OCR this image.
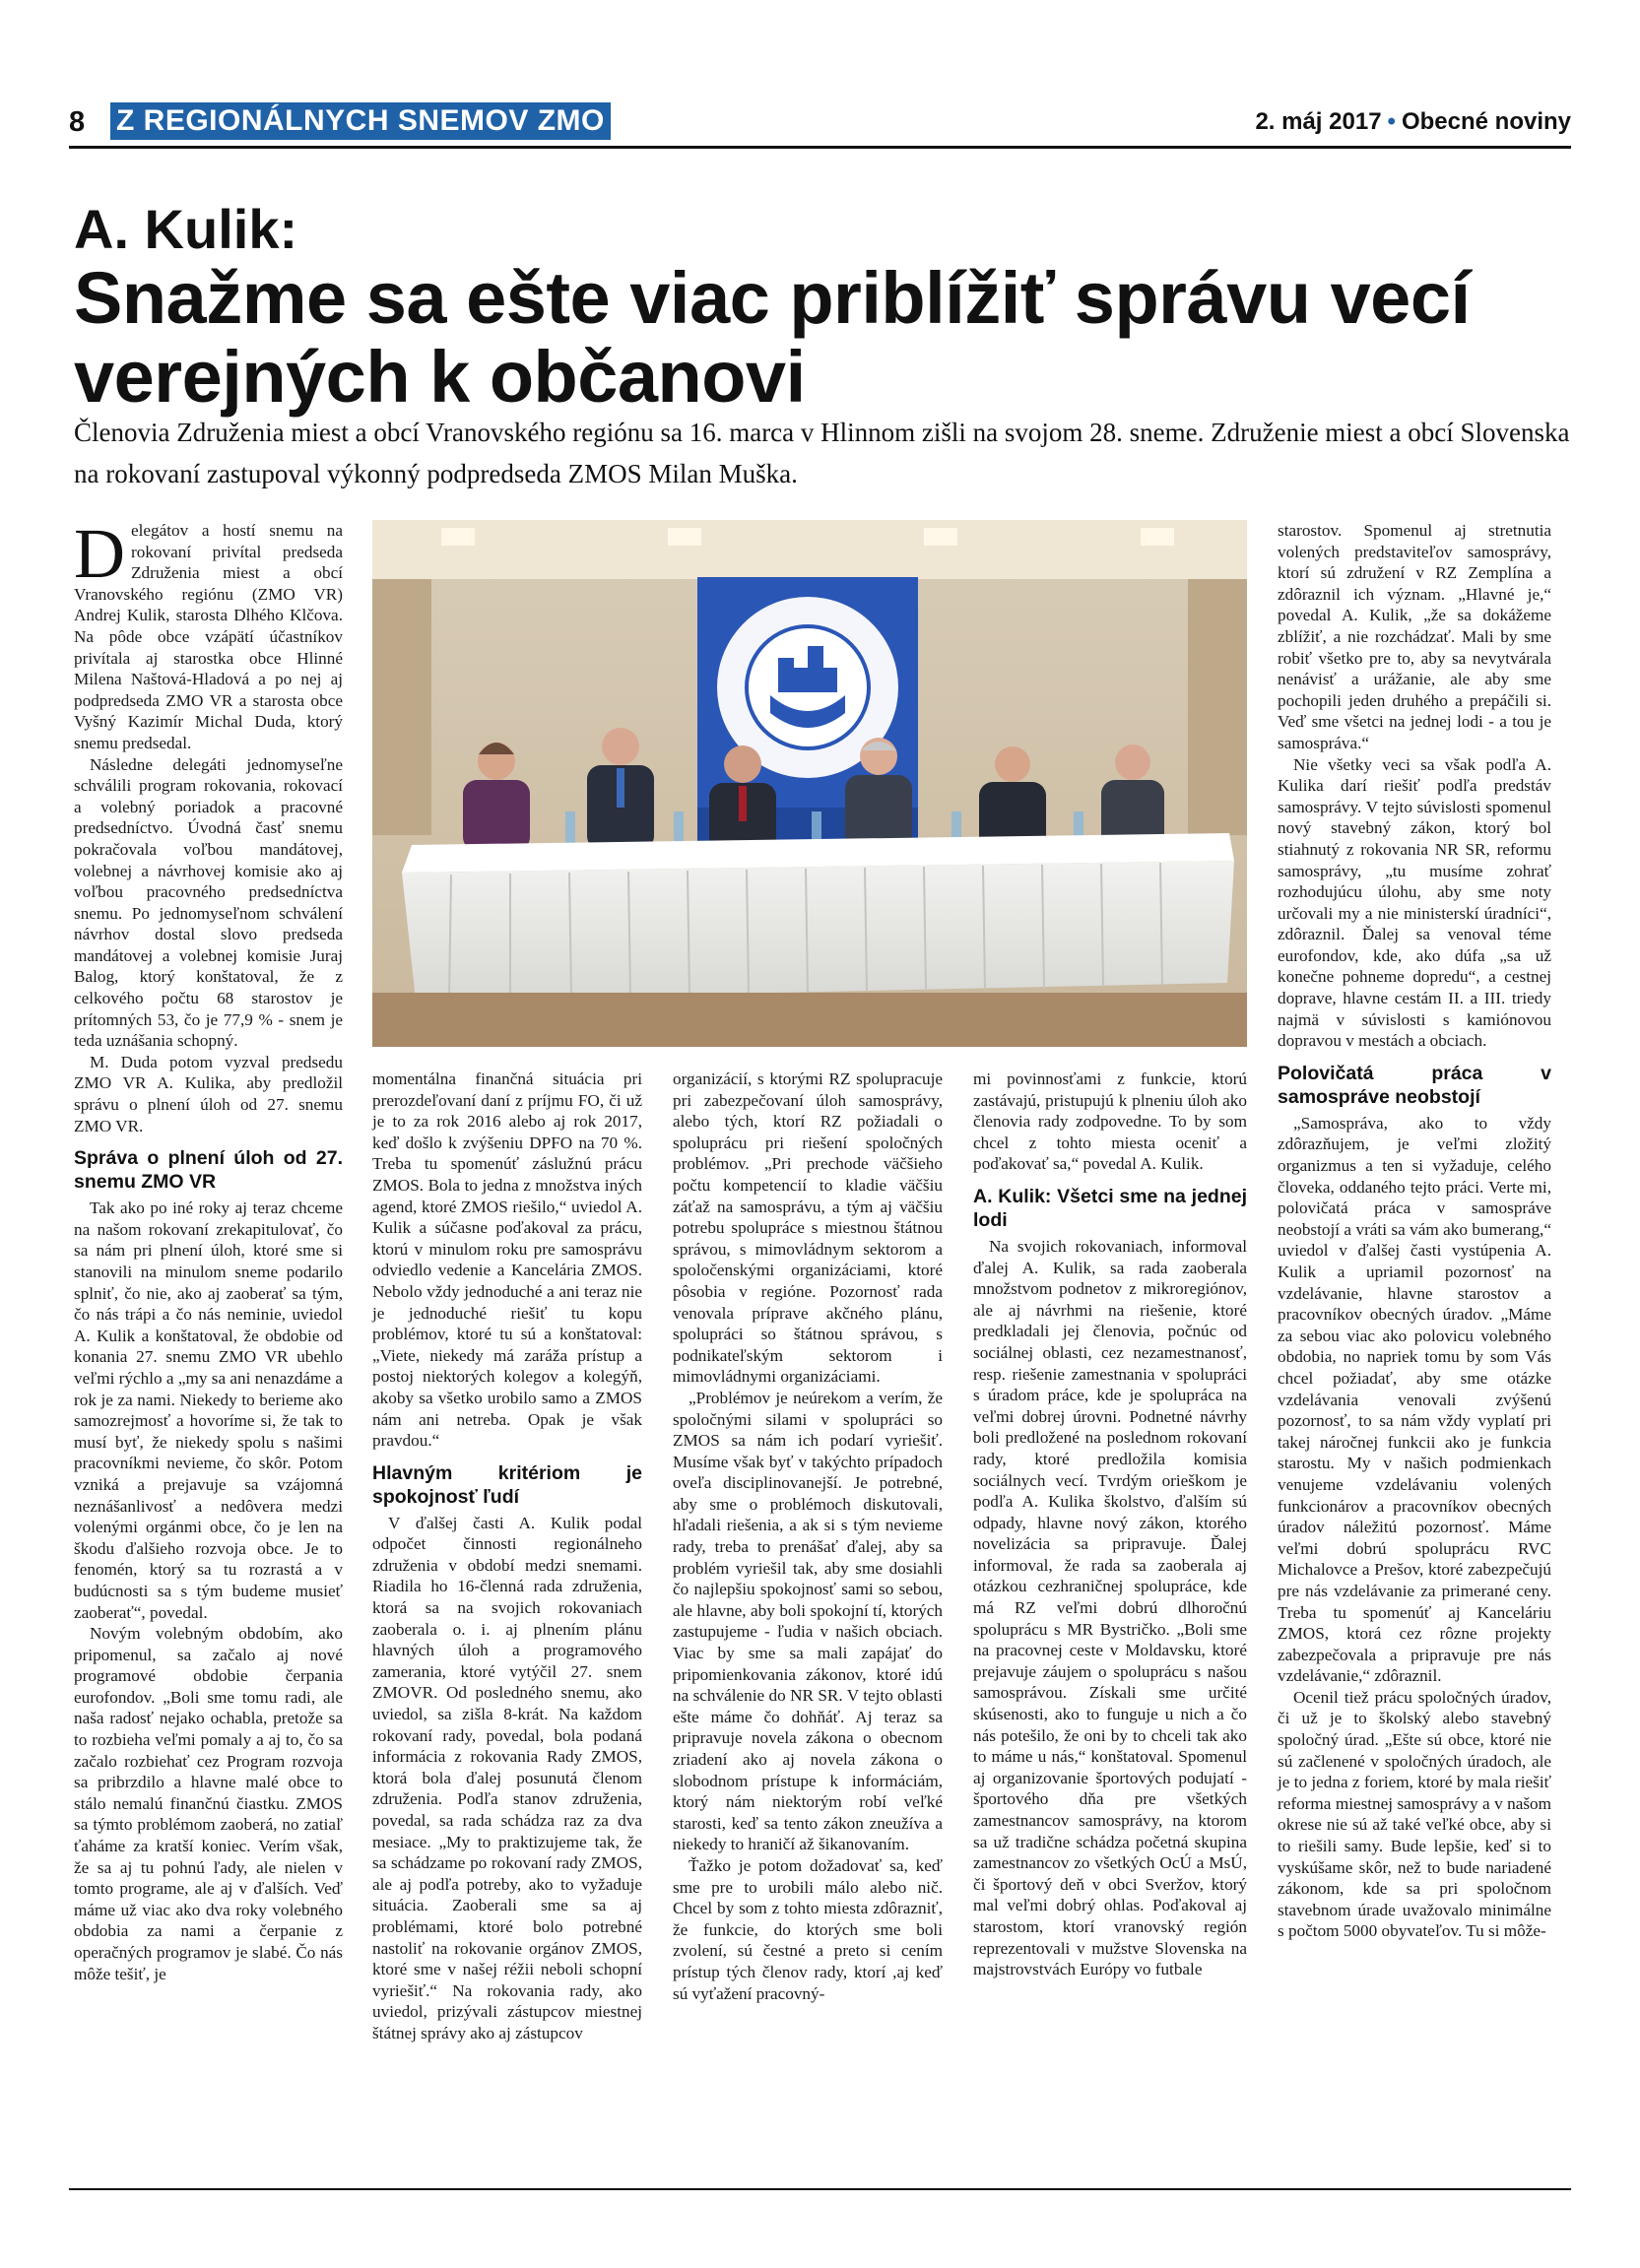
8 Z REGIONÁLNYCH SNEMOV ZMO	2. máj 2017 • Obecné noviny
A. Kulik:
Snažme sa ešte viac priblížiť správu vecí verejných k občanovi
Členovia Združenia miest a obcí Vranovského regiónu sa 16. marca v Hlinnom zišli na svojom 28. sneme. Združenie miest a obcí Slovenska na rokovaní zastupoval výkonný podpredseda ZMOS Milan Muška.

Delegátov a hostí snemu na rokovaní privítal predseda Združenia miest a obcí Vranovského regiónu (ZMO VR) Andrej Kulik, starosta Dlhého Klčova. Na pôde obce vzápätí účastníkov privítala aj starostka obce Hlinné Milena Naštová-Hladová a po nej aj podpredseda ZMO VR a starosta obce Vyšný Kazimír Michal Duda, ktorý snemu predsedal.

Následne delegáti jednomyseľne schválili program rokovania, rokovací a volebný poriadok a pracovné predsedníctvo. Úvodná časť snemu pokračovala voľbou mandátovej, volebnej a návrhovej komisie ako aj voľbou pracovného predsedníctva snemu. Po jednomyseľnom schválení návrhov dostal slovo predseda mandátovej a volebnej komisie Juraj Balog, ktorý konštatoval, že z celkového počtu 68 starostov je prítomných 53, čo je 77,9 % - snem je teda uznášania schopný.

M. Duda potom vyzval predsedu ZMO VR A. Kulika, aby predložil správu o plnení úloh od 27. snemu ZMO VR.

Správa o plnení úloh od 27. snemu ZMO VR

Tak ako po iné roky aj teraz chceme na našom rokovaní zrekapitulovať, čo sa nám pri plnení úloh, ktoré sme si stanovili na minulom sneme podarilo splniť, čo nie, ako aj zaoberať sa tým, čo nás trápi a čo nás neminie, uviedol A. Kulik a konštatoval, že obdobie od konania 27. snemu ZMO VR ubehlo veľmi rýchlo a „my sa ani nenazdáme a rok je za nami. Niekedy to berieme ako samozrejmosť a hovoríme si, že tak to musí byť, že niekedy spolu s našimi pracovníkmi nevieme, čo skôr. Potom vzniká a prejavuje sa vzájomná neznášanlivosť a nedôvera medzi volenými orgánmi obce, čo je len na škodu ďalšieho rozvoja obce. Je to fenomén, ktorý sa tu rozrastá a v budúcnosti sa s tým budeme musieť zaoberať“, povedal.

Novým volebným obdobím, ako pripomenul, sa začalo aj nové programové obdobie čerpania eurofondov. „Boli sme tomu radi, ale naša radosť nejako ochabla, pretože sa to rozbieha veľmi pomaly a aj to, čo sa začalo rozbiehať cez Program rozvoja sa pribrzdilo a hlavne malé obce to stálo nemalú finančnú čiastku. ZMOS sa týmto problémom zaoberá, no zatiaľ ťaháme za kratší koniec. Verím však, že sa aj tu pohnú ľady, ale nielen v tomto programe, ale aj v ďalších. Veď máme už viac ako dva roky volebného obdobia za nami a čerpanie z operačných programov je slabé. Čo nás môže tešiť, je

momentálna finančná situácia pri prerozdeľovaní daní z príjmu FO, či už je to za rok 2016 alebo aj rok 2017, keď došlo k zvýšeniu DPFO na 70 %. Treba tu spomenúť záslužnú prácu ZMOS. Bola to jedna z množstva iných agend, ktoré ZMOS riešilo,“ uviedol A. Kulik a súčasne poďakoval za prácu, ktorú v minulom roku pre samosprávu odviedlo vedenie a Kancelária ZMOS. Nebolo vždy jednoduché a ani teraz nie je jednoduché riešiť tu kopu problémov, ktoré tu sú a konštatoval: „Viete, niekedy má zaráža prístup a postoj niektorých kolegov a kolegýň, akoby sa všetko urobilo samo a ZMOS nám ani netreba. Opak je však pravdou.“

Hlavným kritériom je spokojnosť ľudí

V ďalšej časti A. Kulik podal odpočet činnosti regionálneho združenia v období medzi snemami. Riadila ho 16-členná rada združenia, ktorá sa na svojich rokovaniach zaoberala o. i. aj plnením plánu hlavných úloh a programového zamerania, ktoré vytýčil 27. snem ZMOVR. Od posledného snemu, ako uviedol, sa zišla 8-krát. Na každom rokovaní rady, povedal, bola podaná informácia z rokovania Rady ZMOS, ktorá bola ďalej posunutá členom združenia. Podľa stanov združenia, povedal, sa rada schádza raz za dva mesiace. „My to praktizujeme tak, že sa schádzame po rokovaní rady ZMOS, ale aj podľa potreby, ako to vyžaduje situácia. Zaoberali sme sa aj problémami, ktoré bolo potrebné nastoliť na rokovanie orgánov ZMOS, ktoré sme v našej réžii neboli schopní vyriešiť.“ Na rokovania rady, ako uviedol, prizývali zástupcov miestnej štátnej správy ako aj zástupcov

organizácií, s ktorými RZ spolupracuje pri zabezpečovaní úloh samosprávy, alebo tých, ktorí RZ požiadali o spoluprácu pri riešení spoločných problémov. „Pri prechode väčšieho počtu kompetencií to kladie väčšiu záťaž na samosprávu, a tým aj väčšiu potrebu spolupráce s miestnou štátnou správou, s mimovládnym sektorom a spoločenskými organizáciami, ktoré pôsobia v regióne. Pozornosť rada venovala príprave akčného plánu, spolupráci so štátnou správou, s podnikateľským sektorom i mimovládnymi organizáciami.

„Problémov je neúrekom a verím, že spoločnými silami v spolupráci so ZMOS sa nám ich podarí vyriešiť. Musíme však byť v takýchto prípadoch oveľa disciplinovanejší. Je potrebné, aby sme o problémoch diskutovali, hľadali riešenia, a ak si s tým nevieme rady, treba to prenášať ďalej, aby sa problém vyriešil tak, aby sme dosiahli čo najlepšiu spokojnosť sami so sebou, ale hlavne, aby boli spokojní tí, ktorých zastupujeme - ľudia v našich obciach. Viac by sme sa mali zapájať do pripomienkovania zákonov, ktoré idú na schválenie do NR SR. V tejto oblasti ešte máme čo dohňáť. Aj teraz sa pripravuje novela zákona o obecnom zriadení ako aj novela zákona o slobodnom prístupe k informáciám, ktorý nám niektorým robí veľké starosti, keď sa tento zákon zneužíva a niekedy to hraničí až šikanovaním.

Ťažko je potom dožadovať sa, keď sme pre to urobili málo alebo nič. Chcel by som z tohto miesta zdôrazniť, že funkcie, do ktorých sme boli zvolení, sú čestné a preto si cením prístup tých členov rady, ktorí ,aj keď sú vyťažení pracovný-

mi povinnosťami z funkcie, ktorú zastávajú, pristupujú k plneniu úloh ako členovia rady zodpovedne. To by som chcel z tohto miesta oceniť a poďakovať sa,“ povedal A. Kulik.

A. Kulik: Všetci sme na jednej lodi

Na svojich rokovaniach, informoval ďalej A. Kulik, sa rada zaoberala množstvom podnetov z mikroregiónov, ale aj návrhmi na riešenie, ktoré predkladali jej členovia, počnúc od sociálnej oblasti, cez nezamestnanosť, resp. riešenie zamestnania v spolupráci s úradom práce, kde je spolupráca na veľmi dobrej úrovni. Podnetné návrhy boli predložené na poslednom rokovaní rady, ktoré predložila komisia sociálnych vecí. Tvrdým orieškom je podľa A. Kulika školstvo, ďalším sú odpady, hlavne nový zákon, ktorého novelizácia sa pripravuje. Ďalej informoval, že rada sa zaoberala aj otázkou cezhraničnej spolupráce, kde má RZ veľmi dobrú dlhoročnú spoluprácu s MR Bystričko. „Boli sme na pracovnej ceste v Moldavsku, ktoré prejavuje záujem o spoluprácu s našou samosprávou. Získali sme určité skúsenosti, ako to funguje u nich a čo nás potešilo, že oni by to chceli tak ako to máme u nás,“ konštatoval. Spomenul aj organizovanie športových podujatí - športového dňa pre všetkých zamestnancov samosprávy, na ktorom sa už tradične schádza početná skupina zamestnancov zo všetkých OcÚ a MsÚ, či športový deň v obci Sveržov, ktorý mal veľmi dobrý ohlas. Poďakoval aj starostom, ktorí vranovský región reprezentovali v mužstve Slovenska na majstrovstvách Európy vo futbale

starostov. Spomenul aj stretnutia volených predstaviteľov samosprávy, ktorí sú združení v RZ Zemplína a zdôraznil ich význam. „Hlavné je,“ povedal A. Kulik, „že sa dokážeme zblížiť, a nie rozchádzať. Mali by sme robiť všetko pre to, aby sa nevytvárala nenávisť a urážanie, ale aby sme pochopili jeden druhého a prepáčili si. Veď sme všetci na jednej lodi - a tou je samospráva.“

Nie všetky veci sa však podľa A. Kulika darí riešiť podľa predstáv samosprávy. V tejto súvislosti spomenul nový stavebný zákon, ktorý bol stiahnutý z rokovania NR SR, reformu samosprávy, „tu musíme zohrať rozhodujúcu úlohu, aby sme noty určovali my a nie ministerskí úradníci“, zdôraznil. Ďalej sa venoval téme eurofondov, kde, ako dúfa „sa už konečne pohneme dopredu“, a cestnej doprave, hlavne cestám II. a III. triedy najmä v súvislosti s kamiónovou dopravou v mestách a obciach.

Polovičatá práca v samospráve neobstojí

„Samospráva, ako to vždy zdôrazňujem, je veľmi zložitý organizmus a ten si vyžaduje, celého človeka, oddaného tejto práci. Verte mi, polovičatá práca v samospráve neobstojí a vráti sa vám ako bumerang,“ uviedol v ďalšej časti vystúpenia A. Kulik a upriamil pozornosť na vzdelávanie, hlavne starostov a pracovníkov obecných úradov. „Máme za sebou viac ako polovicu volebného obdobia, no napriek tomu by som Vás chcel požiadať, aby sme otázke vzdelávania venovali zvýšenú pozornosť, to sa nám vždy vyplatí pri takej náročnej funkcii ako je funkcia starostu. My v našich podmienkach venujeme vzdelávaniu volených funkcionárov a pracovníkov obecných úradov náležitú pozornosť. Máme veľmi dobrú spoluprácu RVC Michalovce a Prešov, ktoré zabezpečujú pre nás vzdelávanie za primerané ceny. Treba tu spomenúť aj Kanceláriu ZMOS, ktorá cez rôzne projekty zabezpečovala a pripravuje pre nás vzdelávanie,“ zdôraznil.

Ocenil tiež prácu spoločných úradov, či už je to školský alebo stavebný spoločný úrad. „Ešte sú obce, ktoré nie sú začlenené v spoločných úradoch, ale je to jedna z foriem, ktoré by mala riešiť reforma miestnej samosprávy a v našom okrese nie sú až také veľké obce, aby si to riešili samy. Bude lepšie, keď si to vyskúšame skôr, než to bude nariadené zákonom, kde sa pri spoločnom stavebnom úrade uvažovalo minimálne s počtom 5000 obyvateľov. Tu si môže-
